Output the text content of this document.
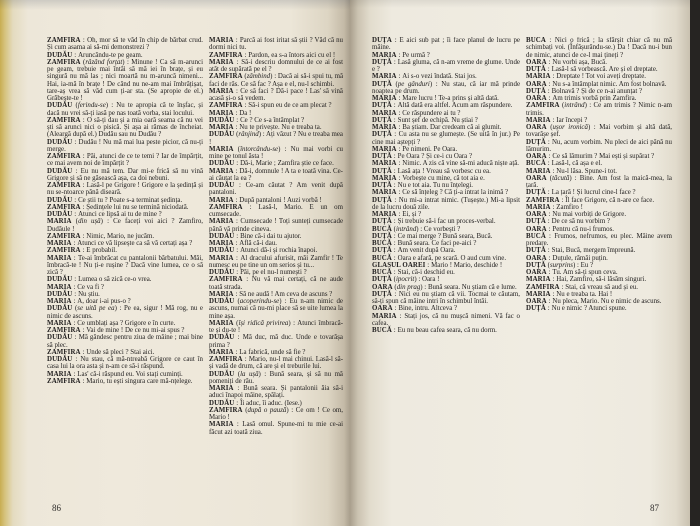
ZAMFIRA : Oh, mor să te văd în chip de bărbat crud. Și cum asama ai să-mi demonstrezi ?

DUDĂU : Aruncându-te pe geam.

ZAMFIRA ( râzând forțat ) : Minune ! Ca să m-arunci pe geam, trebuie mai întâi să mă iei în brațe, și eu singură nu mă las ; nici moartă nu m-aruncă nimeni... Hai, ia-mă în brațe ! De când nu ne-am mai îmbrățișat, tare-aș vrea să văd cum ți-ar sta. (Se apropie de el.) Grăbește-te !

DUDĂU ( ferindu-se ) : Nu te apropia că te înșfac, și dacă nu vrei să-ți iasă pe nas toată vorba, stai locului.

ZAMFIRA : O să-ți dau și a mia oară seama că nu vei ști să arunci nici o pisică. Și așa ai rămas de încheiat. (Aleargă după el.) Dudău sau nu Dudău ?

DUDĂU : Dudău ! Nu mă mai lua peste picior, că nu-ți merge.

ZAMFIRA : Păi, atunci de ce te temi ? Iar de împărțit, ce mai avem noi de împărțit ?

DUDĂU : Eu nu mă tem. Dar mi-e frică să nu vină Grigore și să ne găsească așa, ca doi nebuni.

ZAMFIRA : Lasă-l pe Grigore ! Grigore e la ședință și nu se-ntoarce până diseară.

DUDĂU : Ce știi tu ? Poate s-a terminat ședința.

ZAMFIRA : Ședințele lui nu se termină niciodată.

DUDĂU : Atunci ce lipsă ai tu de mine ?

MARIA ( din ușă ) : Ce faceți voi aici ? Zamfiro, Dudăule !

ZAMFIRA : Nimic, Mario, ne jucăm.

MARIA : Atunci ce vă lipsește ca să vă certați așa ?

ZAMFIRA : E probabil.

MARIA : Te-ai îmbrăcat cu pantalonii bărbatului. Măi, îmbracă-te ! Nu ți-e rușine ? Dacă vine lumea, ce o să zică ?

DUDĂU : Lumea o să zică ce-o vrea.

MARIA : Ce va fi ?

DUDĂU : Nu știu.

MARIA : A, doar i-ai pus-o ?

DUDĂU ( se uită pe ea ) : Pe ea, sigur ! Mă rog, nu e nimic de ascuns.

MARIA : Ce umblați așa ? Grigore e în curte.

ZAMFIRA : Vai de mine ! De ce nu mi-ai spus ?

DUDĂU : Mă gândesc pentru ziua de mâine ; mai bine să plec.

ZAMFIRA : Unde să pleci ? Stai aici.

DUDĂU : Nu stau, că mă-ntreabă Grigore ce caut în casa lui la ora asta și n-am ce să-i răspund.

MARIA : Las' că-i răspund eu. Voi stați cuminți.

ZAMFIRA : Mario, tu ești singura care mă-nțelege.

MARIA : Parcă ai fost iritat să știi ? Văd că nu dormi nici tu.

ZAMFIRA : Pardon, ea s-a întors aici cu el !

MARIA : Să-i descriu domnului de ce ai fost atât de supărată pe el ?

ZAMFIRA ( zâmbind ) : Dacă ai să-i spui tu, mă faci de râs. Ce să fac ? Așa e el, nu-l schimbi.

MARIA : Ce să faci ? Dă-i pace ! Las' să vină acasă și-o să vedem.

ZAMFIRA : Să-i spun eu de ce am plecat ?

MARIA : Da !

DUDĂU : Ce ? Ce s-a întâmplat ?

MARIA : Nu te privește. Nu e treaba ta.

DUDĂU ( rânjind ) : Ați văzut ? Nu e treaba mea !

MARIA ( întorcându-se ) : Nu mai vorbi cu mine pe tonul ăsta !

DUDĂU : Dă-i, Marie ; Zamfira știe ce face.

MARIA : Dă-i, domnule ! A ta e toată vina. Ce-ai căutat la ea ?

DUDĂU : Ce-am căutat ? Am venit după pantaloni.

MARIA : După pantaloni ! Auzi vorbă !

ZAMFIRA : Lasă-l, Mario. E un om cumsecade.

MARIA : Cumsecade ! Toți sunteți cumsecade până vă prinde cineva.

DUDĂU : Bine că-i dai tu ajutor.

MARIA : Află că-i dau.

DUDĂU : Atunci dă-i și rochia înapoi.

MARIA : Al dracului afurisit, măi Zamfir ! Te numesc eu pe tine un om serios și tu...

DUDĂU : Păi, pe el nu-l numești ?

ZAMFIRA : Nu vă mai certați, că ne aude toată strada.

MARIA : Să ne audă ! Am ceva de ascuns ?

DUDĂU ( acoperindu-se ) : Eu n-am nimic de ascuns, numai că nu-mi place să se uite lumea la mine așa.

MARIA ( își ridică privirea ) : Atunci îmbracă-te și du-te !

DUDĂU : Mă duc, mă duc. Unde e tovarășa prima ?

MARIA : La fabrică, unde să fie ?

ZAMFIRA : Mario, nu-l mai chinui. Lasă-l să-și vadă de drum, că are și el treburile lui.

DUDĂU ( la ușă ) : Bună seara, și să nu mă pomeniți de rău.

MARIA : Bună seara. Și pantalonii ăia să-i aduci înapoi mâine, spălați.

DUDĂU : Îi aduc, îi aduc. (Iese.)

ZAMFIRA ( după o pauză ) : Ce om ! Ce om, Mario !

MARIA : Lasă omul. Spune-mi tu mie ce-ai făcut azi toată ziua.

86

DUȚĂ : E aici sub pat ; îi face planul de lucru pe mâine.

MARIA : Pe urmă ?

DUȚĂ : Lasă gluma, că n-am vreme de glume. Unde e ?

MARIA : Ai s-o vezi îndată. Stai jos.

DUȚĂ ( pe gânduri ) : Nu stau, că iar mă prinde noaptea pe drum.

MARIA : Mare lucru ! Te-a prins și altă dată.

DUȚĂ : Altă dată era altfel. Acum am răspundere.

MARIA : Ce răspundere ai tu ?

DUȚĂ : Sunt șef de echipă. Nu știai ?

MARIA : Ba știam. Dar credeam că ai glumit.

DUȚĂ : Cu asta nu se glumește. (Se uită în jur.) Pe cine mai aștepți ?

MARIA : Pe nimeni. Pe Oara.

DUȚĂ : Pe Oara ? Și ce-i cu Oara ?

MARIA : Nimic. A zis că vine să-mi aducă niște ață.

DUȚĂ : Lasă ața ! Vreau să vorbesc cu ea.

MARIA : Vorbește cu mine, că tot aia e.

DUȚĂ : Nu e tot aia. Tu nu înțelegi.

MARIA : Ce să înțeleg ? Că ți-a intrat la inimă ?

DUȚĂ : Nu mi-a intrat nimic. (Tușește.) Mi-a lipsit de la lucru două zile.

MARIA : Ei, și ?

DUȚĂ : Și trebuie să-i fac un proces-verbal.

BUCĂ ( intrând ) : Ce vorbești ?

DUȚĂ : Ce mai merge ? Bună seara, Bucă.

BUCĂ : Bună seara. Ce faci pe-aici ?

DUȚĂ : Am venit după Oara.

BUCĂ : Oara e afară, pe scară. O aud cum vine.

GLASUL OAREI : Mario ! Mario, deschide !

BUCĂ : Stai, că-i deschid eu.

DUȚĂ ( ipocrit ) : Oara !

OARA ( din prag ) : Bună seara. Nu știam că e lume.

DUȚĂ : Nici eu nu știam că vii. Tocmai te căutam, să-ți spun că mâine intri în schimbul întâi.

OARA : Bine, intru. Altceva ?

MARIA : Stați jos, că nu mușcă nimeni. Vă fac o cafea.

BUCĂ : Eu nu beau cafea seara, că nu dorm.

BUCĂ : Nici o frică ; la sfârșit chiar că nu mă schimbați voi. (Înfășurându-se.) Da ! Dacă nu-i bun de nimic, atunci de ce-l mai țineți ?

OARA : Nu vorbi așa, Bucă.

DUȚĂ : Lasă-l să vorbească. Are și el dreptate.

MARIA : Dreptate ! Tot voi aveți dreptate.

OARA : Nu s-a întâmplat nimic. Am fost bolnavă.

DUȚĂ : Bolnavă ? Și de ce n-ai anunțat ?

OARA : Am trimis vorbă prin Zamfira.

ZAMFIRA ( intrând ) : Ce am trimis ? Nimic n-am trimis.

MARIA : Iar începi ?

OARA ( ușor ironică ) : Mai vorbim și altă dată, tovarășe șef.

DUȚĂ : Nu, acum vorbim. Nu pleci de aici până nu lămurim.

OARA : Ce să lămurim ? Mai ești și supărat ?

BUCĂ : Lasă-l, că așa e el.

MARIA : Nu-l lăsa. Spune-i tot.

OARA ( tăcută ) : Bine. Am fost la maică-mea, la țară.

DUȚĂ : La țară ! Și lucrul cine-l face ?

ZAMFIRA : Îl face Grigore, că n-are ce face.

MARIA : Zamfiro !

OARA : Nu mai vorbiți de Grigore.

DUȚĂ : De ce să nu vorbim ?

OARA : Pentru că nu-i frumos.

BUCĂ : Frumos, nefrumos, eu plec. Mâine avem predare.

DUȚĂ : Stai, Bucă, mergem împreună.

OARA : Duțule, rămâi puțin.

DUȚĂ ( surprins ) : Eu ?

OARA : Tu. Am să-ți spun ceva.

MARIA : Hai, Zamfiro, să-i lăsăm singuri.

ZAMFIRA : Stai, că vreau să aud și eu.

MARIA : Nu e treaba ta. Hai !

OARA : Nu pleca, Mario. Nu e nimic de ascuns.

DUȚĂ : Nu e nimic ? Atunci spune.

87
